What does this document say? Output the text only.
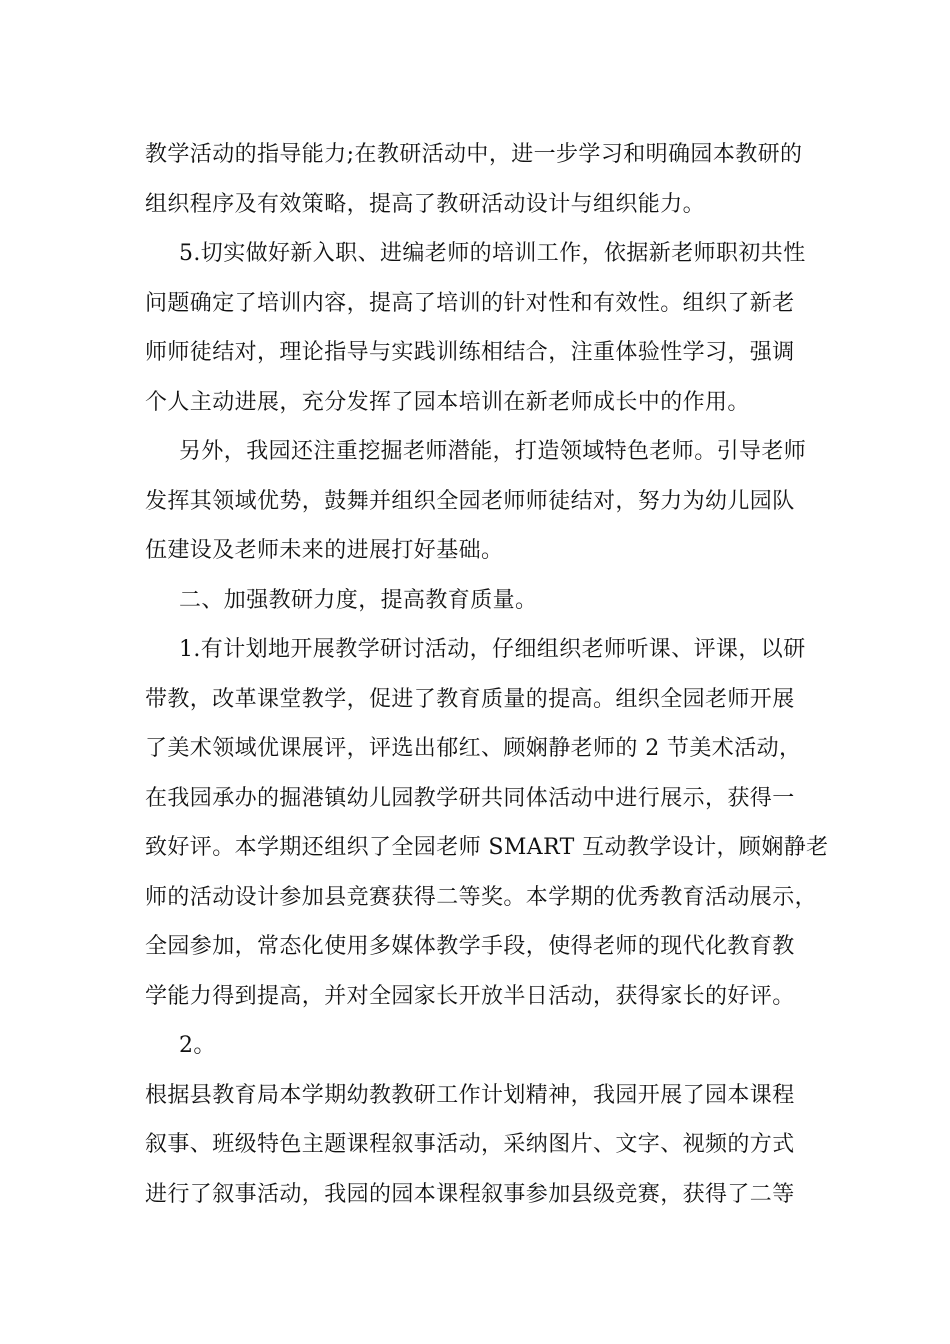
教学活动的指导能力;在教研活动中，进一步学习和明确园本教研的
组织程序及有效策略，提高了教研活动设计与组织能力。
5.切实做好新入职、进编老师的培训工作，依据新老师职初共性
问题确定了培训内容，提高了培训的针对性和有效性。组织了新老
师师徒结对，理论指导与实践训练相结合，注重体验性学习，强调
个人主动进展，充分发挥了园本培训在新老师成长中的作用。
另外，我园还注重挖掘老师潜能，打造领域特色老师。引导老师
发挥其领域优势，鼓舞并组织全园老师师徒结对，努力为幼儿园队
伍建设及老师未来的进展打好基础。
二、加强教研力度，提高教育质量。
1.有计划地开展教学研讨活动，仔细组织老师听课、评课，以研
带教，改革课堂教学，促进了教育质量的提高。组织全园老师开展
了美术领域优课展评，评选出郁红、顾娴静老师的 2 节美术活动，
在我园承办的掘港镇幼儿园教学研共同体活动中进行展示，获得一
致好评。本学期还组织了全园老师 SMART 互动教学设计，顾娴静老
师的活动设计参加县竞赛获得二等奖。本学期的优秀教育活动展示，
全园参加，常态化使用多媒体教学手段，使得老师的现代化教育教
学能力得到提高，并对全园家长开放半日活动，获得家长的好评。
2。
根据县教育局本学期幼教教研工作计划精神，我园开展了园本课程
叙事、班级特色主题课程叙事活动，采纳图片、文字、视频的方式
进行了叙事活动，我园的园本课程叙事参加县级竞赛，获得了二等
